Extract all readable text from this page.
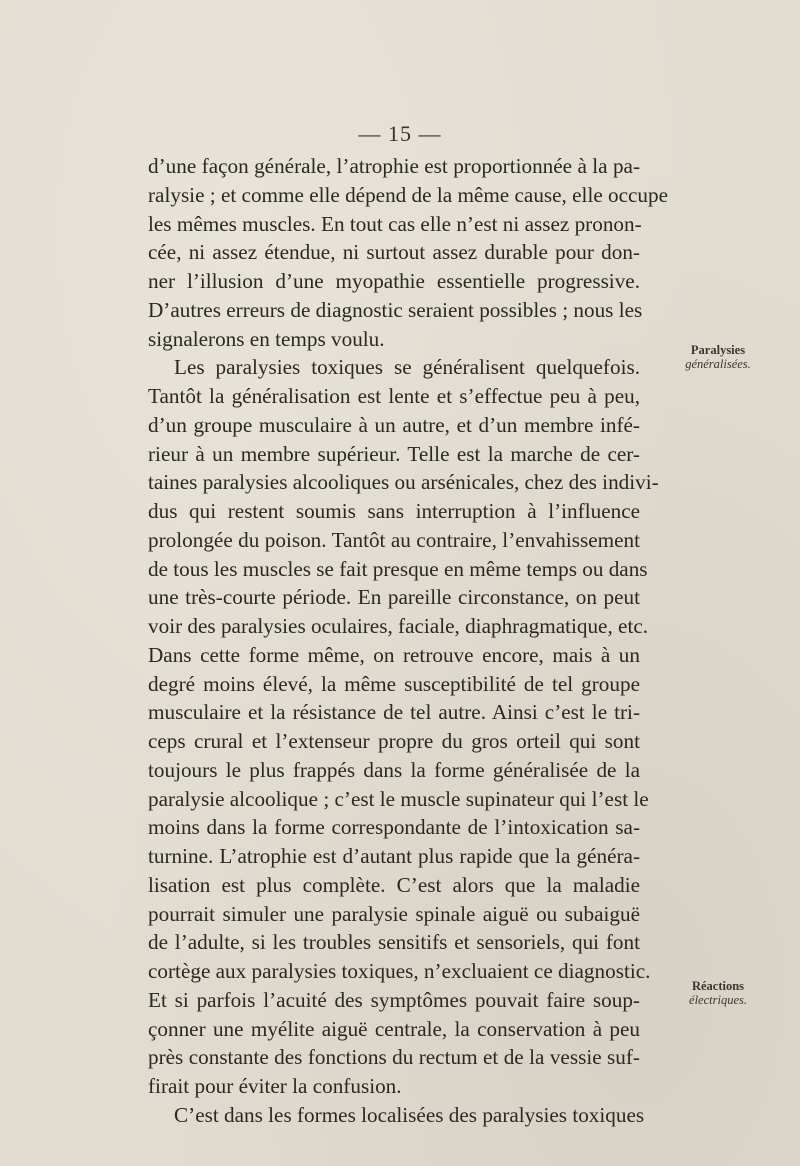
— 15 —
d’une façon générale, l’atrophie est proportionnée à la pa-
ralysie ; et comme elle dépend de la même cause, elle occupe
les mêmes muscles. En tout cas elle n’est ni assez pronon-
cée, ni assez étendue, ni surtout assez durable pour don-
ner l’illusion d’une myopathie essentielle progressive.
D’autres erreurs de diagnostic seraient possibles ; nous les
signalerons en temps voulu.
Les paralysies toxiques se généralisent quelquefois.
Tantôt la généralisation est lente et s’effectue peu à peu,
d’un groupe musculaire à un autre, et d’un membre infé-
rieur à un membre supérieur. Telle est la marche de cer-
taines paralysies alcooliques ou arsénicales, chez des indivi-
dus qui restent soumis sans interruption à l’influence
prolongée du poison. Tantôt au contraire, l’envahissement
de tous les muscles se fait presque en même temps ou dans
une très-courte période. En pareille circonstance, on peut
voir des paralysies oculaires, faciale, diaphragmatique, etc.
Dans cette forme même, on retrouve encore, mais à un
degré moins élevé, la même susceptibilité de tel groupe
musculaire et la résistance de tel autre. Ainsi c’est le tri-
ceps crural et l’extenseur propre du gros orteil qui sont
toujours le plus frappés dans la forme généralisée de la
paralysie alcoolique ; c’est le muscle supinateur qui l’est le
moins dans la forme correspondante de l’intoxication sa-
turnine. L’atrophie est d’autant plus rapide que la généra-
lisation est plus complète. C’est alors que la maladie
pourrait simuler une paralysie spinale aiguë ou subaiguë
de l’adulte, si les troubles sensitifs et sensoriels, qui font
cortège aux paralysies toxiques, n’excluaient ce diagnostic.
Et si parfois l’acuité des symptômes pouvait faire soup-
çonner une myélite aiguë centrale, la conservation à peu
près constante des fonctions du rectum et de la vessie suf-
firait pour éviter la confusion.
C’est dans les formes localisées des paralysies toxiques
Paralysies
généralisées.
Réactions
électriques.
